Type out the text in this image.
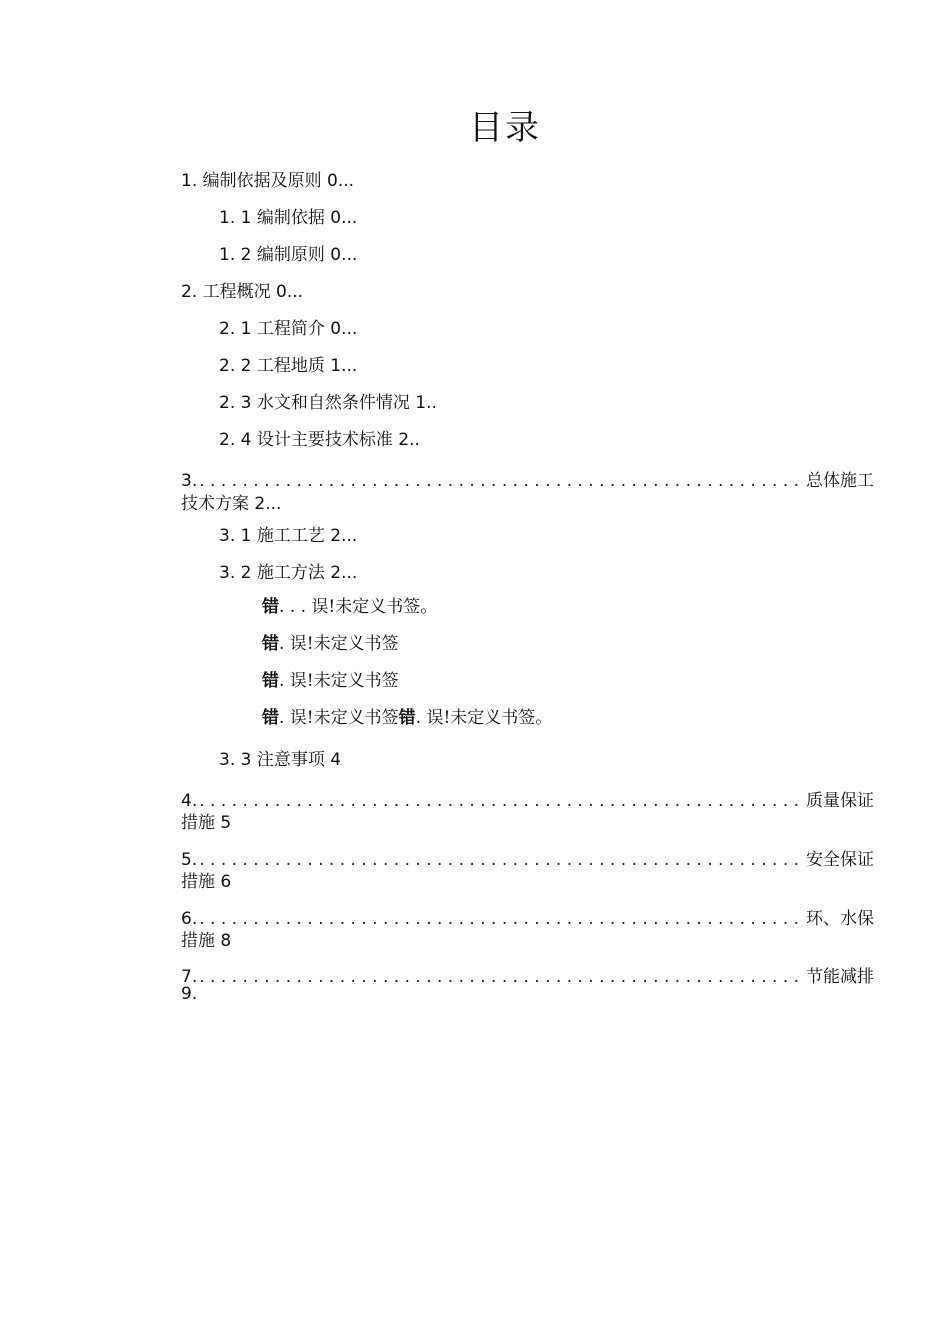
目录
1. 编制依据及原则 0...
1. 1 编制依据 0...
1. 2 编制原则 0...
2. 工程概况 0...
2. 1 工程简介 0...
2. 2 工程地质 1...
2. 3 水文和自然条件情况 1..
2. 4 设计主要技术标准 2..
3. . . .	总体施工
技术方案 2...
3. 1 施工工艺 2...
3. 2 施工方法 2...
错. . . 误!未定义书签。
错. 误!未定义书签
错. 误!未定义书签
错. 误!未定义书签错. 误!未定义书签。
3. 3 注意事项 4
4. . . .	质量保证
措施 5
5. . . .	安全保证
措施 6
6. . . .	环、水保
措施 8
7. . . .	节能减排
9.
